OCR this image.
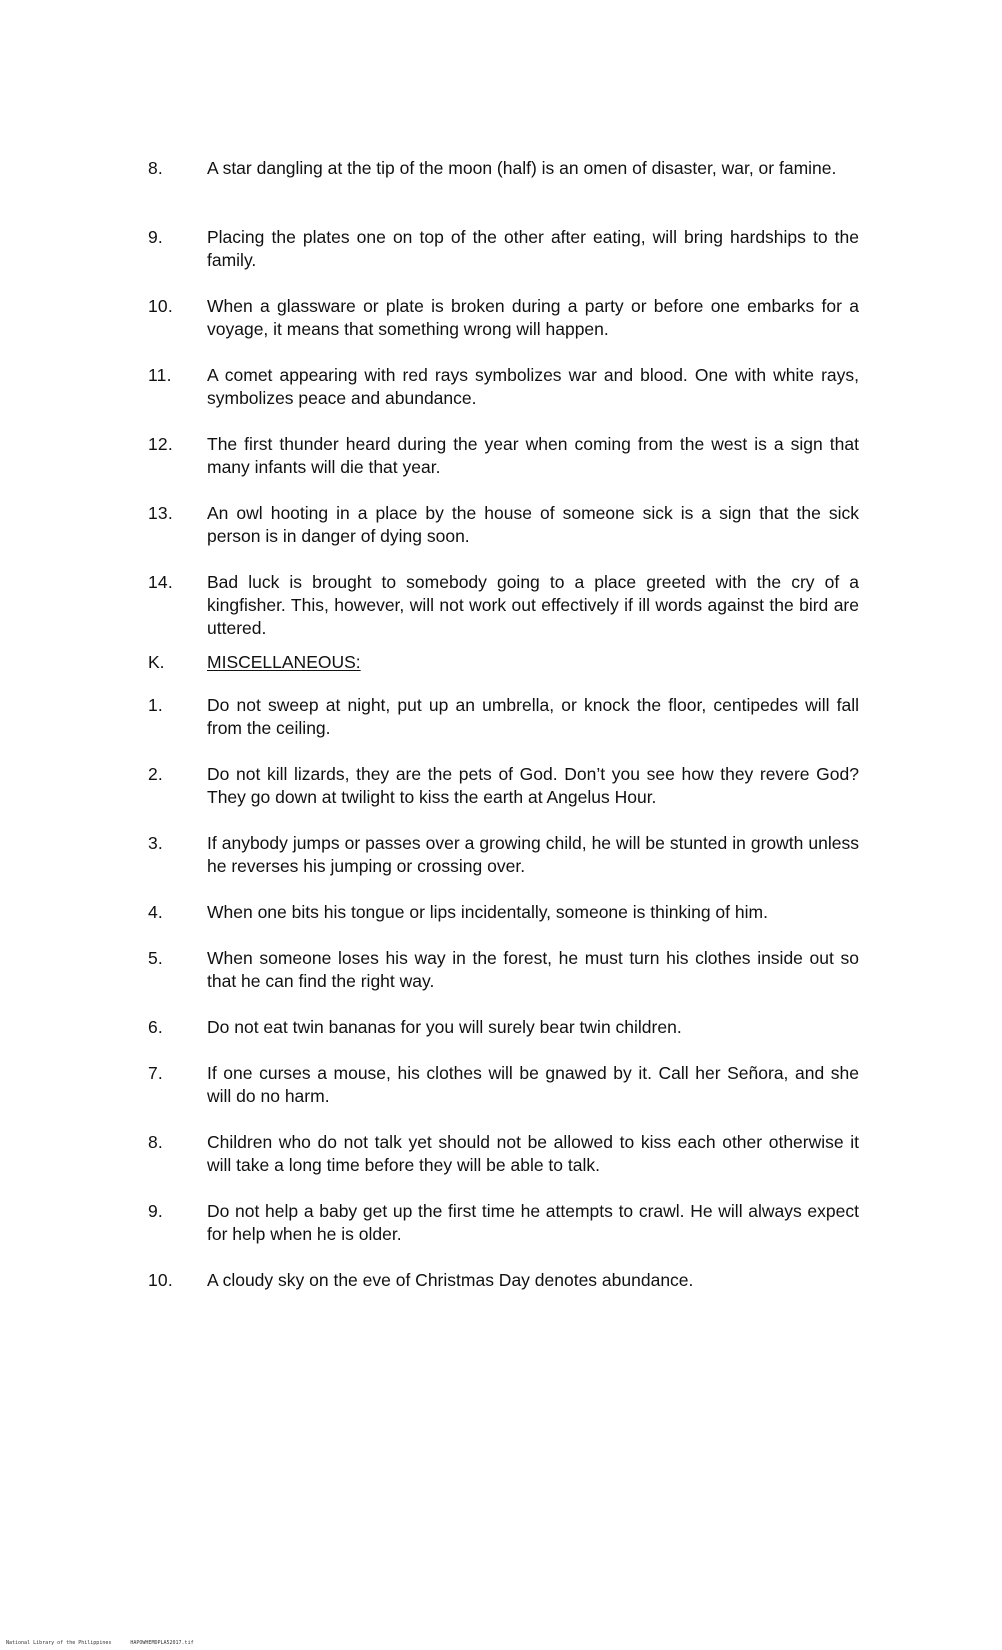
8.	A star dangling at the tip of the moon (half) is an omen of disaster, war, or famine.
9.	Placing the plates one on top of the other after eating, will bring hardships to the family.
10. When a glassware or plate is broken during a party or before one embarks for a voyage, it means that something wrong will happen.
11. A comet appearing with red rays symbolizes war and blood. One with white rays, symbolizes peace and abundance.
12. The first thunder heard during the year when coming from the west is a sign that many infants will die that year.
13. An owl hooting in a place by the house of someone sick is a sign that the sick person is in danger of dying soon.
14. Bad luck is brought to somebody going to a place greeted with the cry of a kingfisher. This, however, will not work out effectively if ill words against the bird are uttered.
K. MISCELLANEOUS:
1.	Do not sweep at night, put up an umbrella, or knock the floor, centipedes will fall from the ceiling.
2.	Do not kill lizards, they are the pets of God. Don’t you see how they revere God? They go down at twilight to kiss the earth at Angelus Hour.
3.	If anybody jumps or passes over a growing child, he will be stunted in growth unless he reverses his jumping or crossing over.
4.	When one bits his tongue or lips incidentally, someone is thinking of him.
5.	When someone loses his way in the forest, he must turn his clothes inside out so that he can find the right way.
6.	Do not eat twin bananas for you will surely bear twin children.
7.	If one curses a mouse, his clothes will be gnawed by it. Call her Señora, and she will do no harm.
8.	Children who do not talk yet should not be allowed to kiss each other otherwise it will take a long time before they will be able to talk.
9.	Do not help a baby get up the first time he attempts to crawl. He will always expect for help when he is older.
10. A cloudy sky on the eve of Christmas Day denotes abundance.
National Library of the Philippines	HAPOWHEMDPLA52017.tif
